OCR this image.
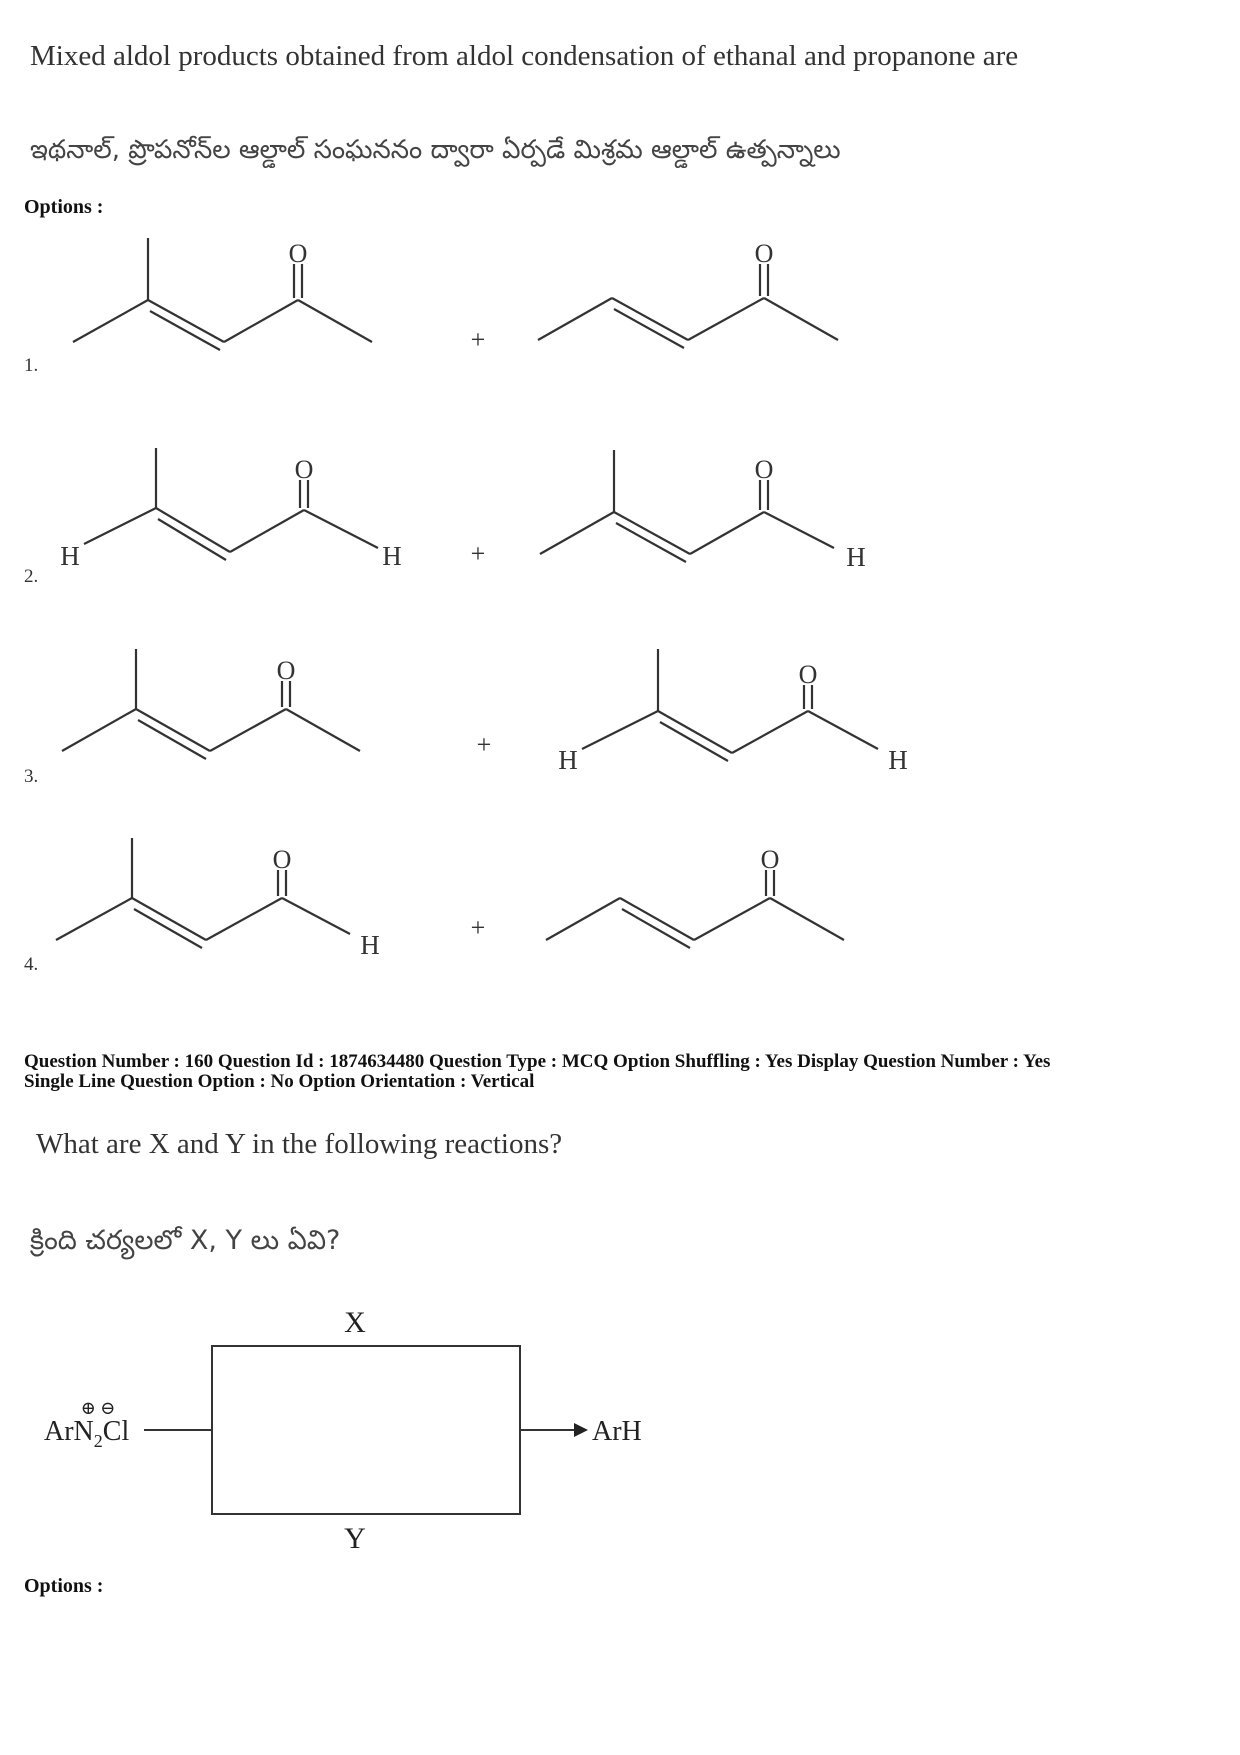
Mixed aldol products obtained from aldol condensation of ethanal and propanone are
ఇథనాల్, ప్రొపనోన్‌ల ఆల్డాల్ సంఘననం ద్వారా ఏర్పడే మిశ్రమ ఆల్డాల్ ఉత్పన్నాలు
Options :
1.
O
+
O
2.
H	H
O
+
O
H
3.
O
+
H
O
H
4.
O
H
+
O
Question Number : 160 Question Id : 1874634480 Question Type : MCQ Option Shuffling : Yes Display Question Number : Yes
Single Line Question Option : No Option Orientation : Vertical
What are X and Y in the following reactions?
క్రింది చర్యలలో X, Y లు ఏవి?
X
Y
⊕ ⊖
ArN$_2$Cl	ArH
Options :
